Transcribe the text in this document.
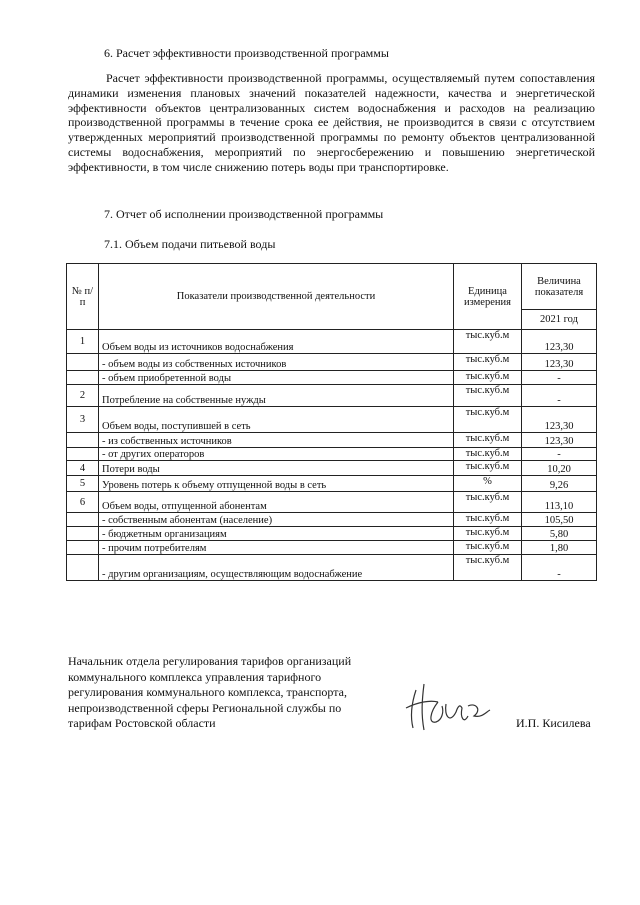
6. Расчет эффективности производственной программы
Расчет эффективности производственной программы, осуществляемый путем сопоставления динамики изменения плановых значений показателей надежности, качества и энергетической эффективности объектов централизованных систем водоснабжения и расходов на реализацию производственной программы в течение срока ее действия, не производится в связи с отсутствием утвержденных мероприятий производственной программы по ремонту объектов централизованной системы водоснабжения, мероприятий по энергосбережению и повышению энергетической эффективности, в том числе снижению потерь воды при транспортировке.
7. Отчет об исполнении производственной программы
7.1. Объем подачи питьевой воды
№ п/п	Показатели производственной деятельности	Единица измерения	Величина показателя
			2021 год
1	Объем воды из источников водоснабжения	тыс.куб.м	123,30
	- объем воды из собственных источников	тыс.куб.м	123,30
	- объем приобретенной воды	тыс.куб.м	-
2	Потребление на собственные нужды	тыс.куб.м	-
3	Объем воды, поступившей в сеть	тыс.куб.м	123,30
	- из собственных источников	тыс.куб.м	123,30
	- от других операторов	тыс.куб.м	-
4	Потери воды	тыс.куб.м	10,20
5	Уровень потерь к объему отпущенной воды в сеть	%	9,26
6	Объем воды, отпущенной абонентам	тыс.куб.м	113,10
	- собственным абонентам (население)	тыс.куб.м	105,50
	- бюджетным организациям	тыс.куб.м	5,80
	- прочим потребителям	тыс.куб.м	1,80
	- другим организациям, осуществляющим водоснабжение	тыс.куб.м	-
Начальник отдела регулирования тарифов организаций
коммунального комплекса управления тарифного
регулирования коммунального комплекса, транспорта,
непроизводственной сферы Региональной службы по
тарифам Ростовской области	И.П. Кисилева
